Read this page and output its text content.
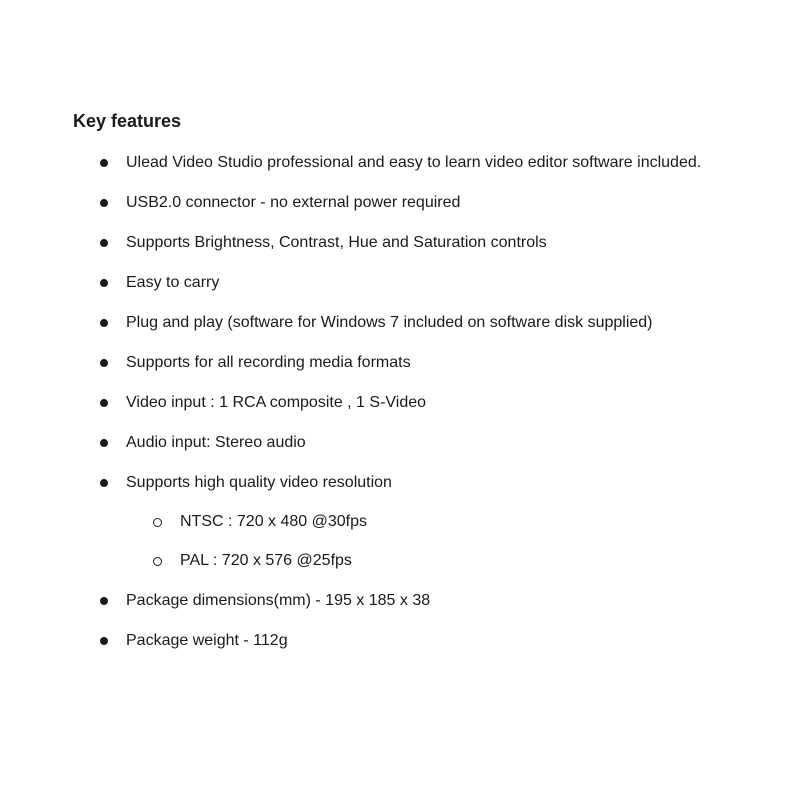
Key features
Ulead Video Studio professional and easy to learn video editor software included.
USB2.0 connector - no external power required
Supports Brightness, Contrast, Hue and Saturation controls
Easy to carry
Plug and play (software for Windows 7 included on software disk supplied)
Supports for all recording media formats
Video input : 1 RCA composite , 1 S-Video
Audio input: Stereo audio
Supports high quality video resolution
NTSC : 720 x 480 @30fps
PAL : 720 x 576 @25fps
Package dimensions(mm) - 195 x 185 x 38
Package weight - 112g
